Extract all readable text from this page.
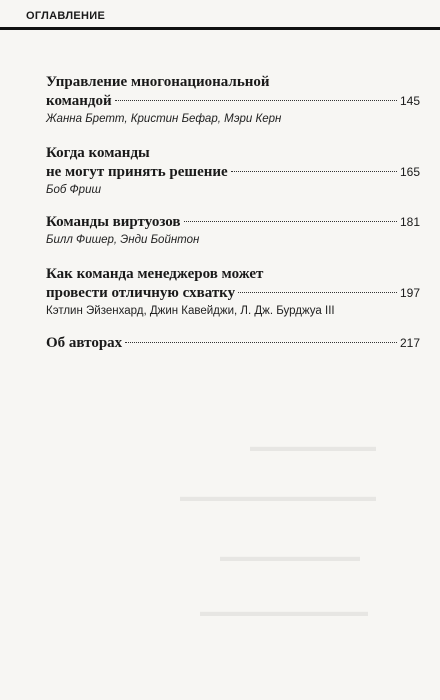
ОГЛАВЛЕНИЕ
▬▬▬▬▬▬▬▬▬
▬▬▬▬▬▬▬▬▬▬▬▬▬▬
▬▬▬▬▬▬▬▬▬▬
▬▬▬▬▬▬▬▬▬▬▬▬
Управление многонациональной
командой	145
Жанна Бретт, Кристин Бефар, Мэри Керн
Когда команды
не могут принять решение	165
Боб Фриш
Команды виртуозов	181
Билл Фишер, Энди Бойнтон
Как команда менеджеров может
провести отличную схватку	197
Кэтлин Эйзенхард, Джин Кавейджи, Л. Дж. Бурджуа III
Об авторах	217
